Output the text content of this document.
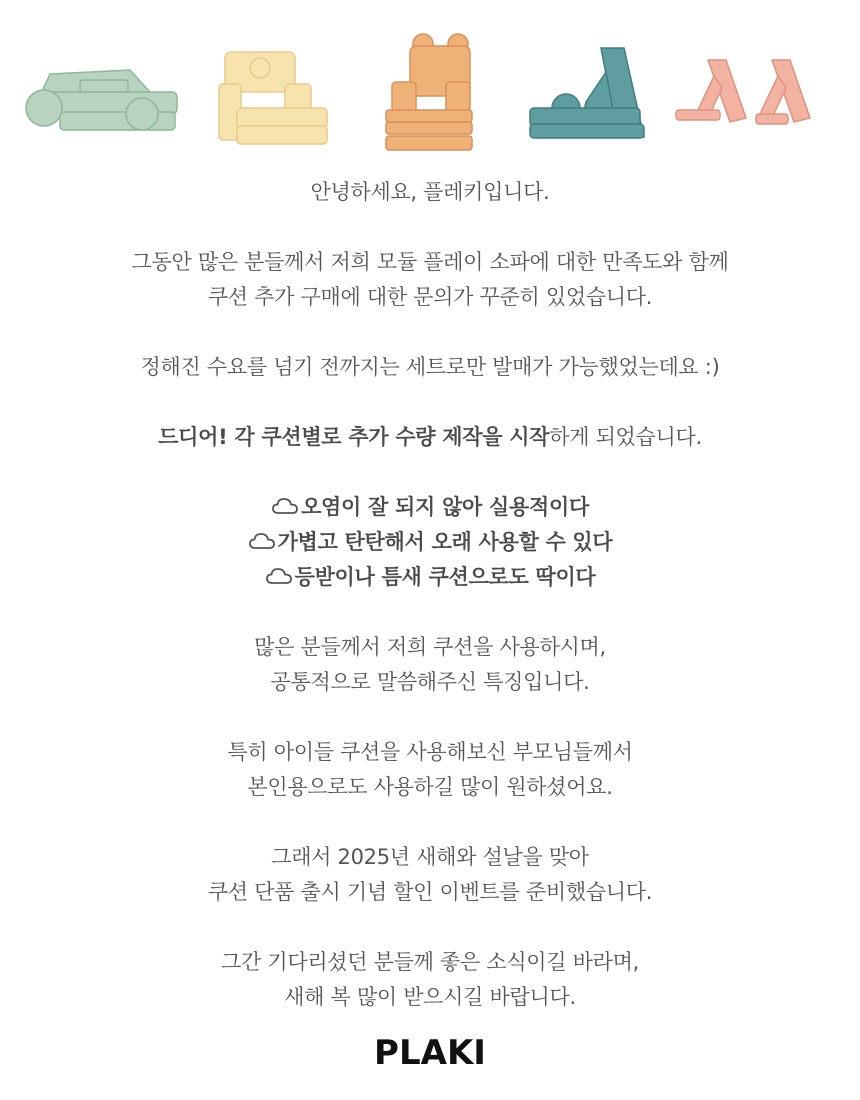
안녕하세요, 플레키입니다.

그동안 많은 분들께서 저희 모듈 플레이 소파에 대한 만족도와 함께
쿠션 추가 구매에 대한 문의가 꾸준히 있었습니다.

정해진 수요를 넘기 전까지는 세트로만 발매가 가능했었는데요 :)

드디어! 각 쿠션별로 추가 수량 제작을 시작하게 되었습니다.

오염이 잘 되지 않아 실용적이다
가볍고 탄탄해서 오래 사용할 수 있다
등받이나 틈새 쿠션으로도 딱이다

많은 분들께서 저희 쿠션을 사용하시며,
공통적으로 말씀해주신 특징입니다.

특히 아이들 쿠션을 사용해보신 부모님들께서
본인용으로도 사용하길 많이 원하셨어요.

그래서 2025년 새해와 설날을 맞아
쿠션 단품 출시 기념 할인 이벤트를 준비했습니다.

그간 기다리셨던 분들께 좋은 소식이길 바라며,
새해 복 많이 받으시길 바랍니다.

PLAKI
